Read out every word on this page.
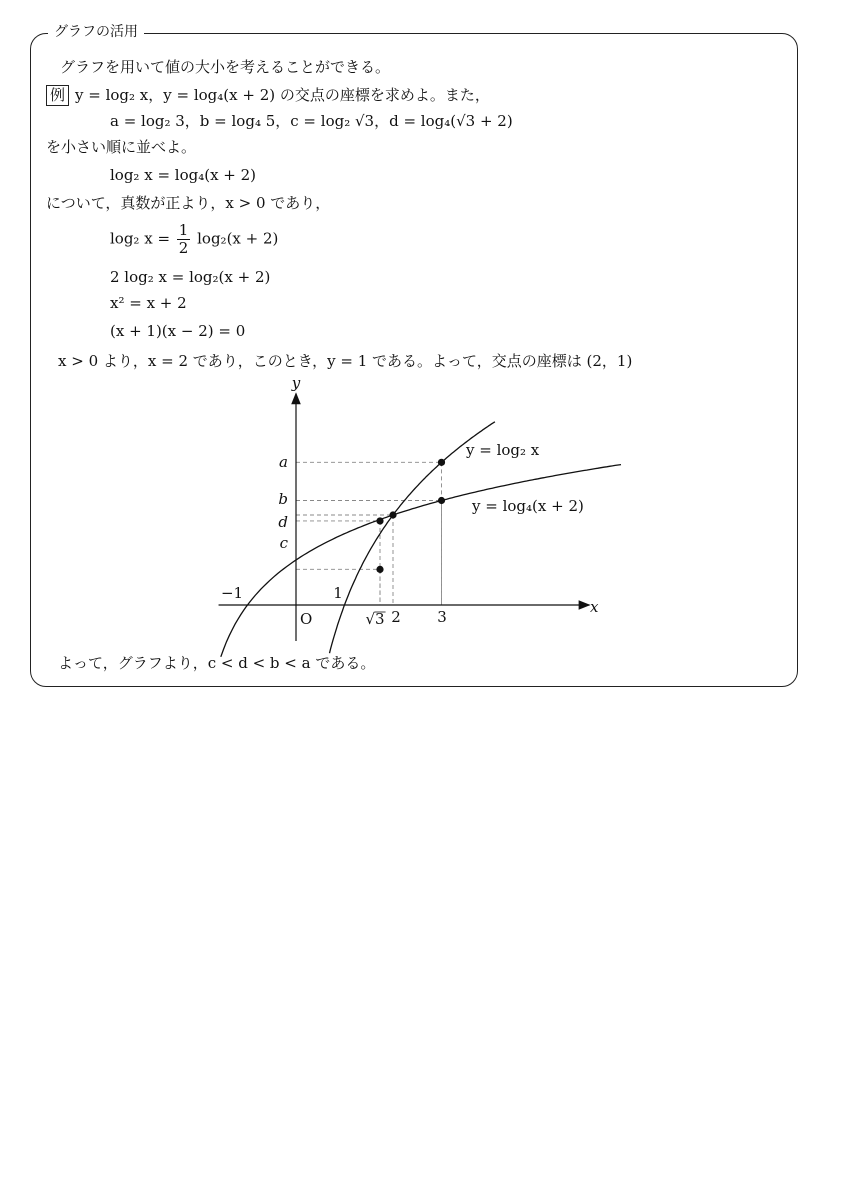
グラフの活用
グラフを用いて値の大小を考えることができる。
例 y = log₂ x，y = log₄(x + 2) の交点の座標を求めよ。また，
a = log₂ 3，b = log₄ 5，c = log₂ √3，d = log₄(√3 + 2)
を小さい順に並べよ。
log₂ x = log₄(x + 2)
について，真数が正より，x > 0 であり，
log₂ $x = \frac{1}{2} \log_2(x + 2)$
2 log₂ x = log₂(x + 2)
x² = x + 2
(x + 1)(x − 2) = 0
x > 0 より，x = 2 であり，このとき，y = 1 である。よって，交点の座標は (2，1)
x
y
O
−1	1
√3 2 3
a
b
d
c
y = log₂ x
y = log₄(x + 2)
よって，グラフより，c < d < b < a である。
